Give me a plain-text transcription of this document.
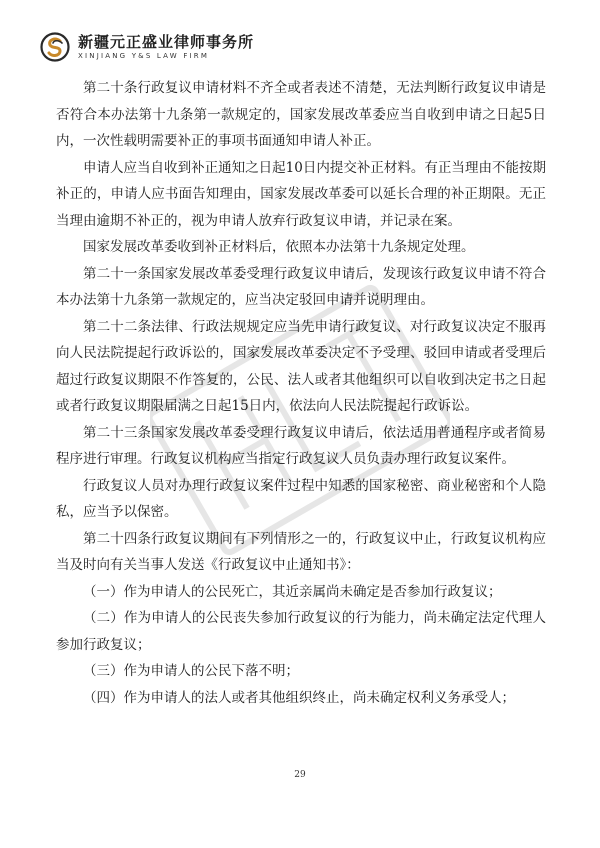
新疆元正盛业律师事务所
XINJIANG Y&S LAW FIRM

第二十条行政复议申请材料不齐全或者表述不清楚，无法判断行政复议申请是否符合本办法第十九条第一款规定的，国家发展改革委应当自收到申请之日起5日内，一次性载明需要补正的事项书面通知申请人补正。

申请人应当自收到补正通知之日起10日内提交补正材料。有正当理由不能按期补正的，申请人应书面告知理由，国家发展改革委可以延长合理的补正期限。无正当理由逾期不补正的，视为申请人放弃行政复议申请，并记录在案。

国家发展改革委收到补正材料后，依照本办法第十九条规定处理。

第二十一条国家发展改革委受理行政复议申请后，发现该行政复议申请不符合本办法第十九条第一款规定的，应当决定驳回申请并说明理由。

第二十二条法律、行政法规规定应当先申请行政复议、对行政复议决定不服再向人民法院提起行政诉讼的，国家发展改革委决定不予受理、驳回申请或者受理后超过行政复议期限不作答复的，公民、法人或者其他组织可以自收到决定书之日起或者行政复议期限届满之日起15日内，依法向人民法院提起行政诉讼。

第二十三条国家发展改革委受理行政复议申请后，依法适用普通程序或者简易程序进行审理。行政复议机构应当指定行政复议人员负责办理行政复议案件。

行政复议人员对办理行政复议案件过程中知悉的国家秘密、商业秘密和个人隐私，应当予以保密。

第二十四条行政复议期间有下列情形之一的，行政复议中止，行政复议机构应当及时向有关当事人发送《行政复议中止通知书》：

（一）作为申请人的公民死亡，其近亲属尚未确定是否参加行政复议；

（二）作为申请人的公民丧失参加行政复议的行为能力，尚未确定法定代理人参加行政复议；

（三）作为申请人的公民下落不明；

（四）作为申请人的法人或者其他组织终止，尚未确定权利义务承受人；

29
